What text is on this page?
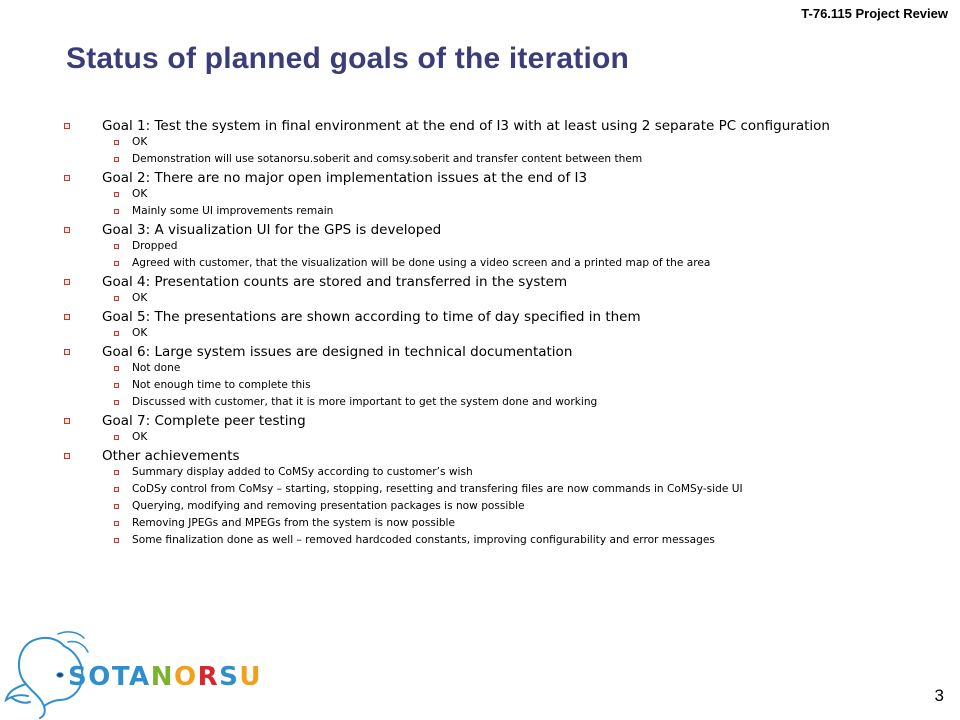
T-76.115 Project Review
Status of planned goals of the iteration
Goal 1: Test the system in final environment at the end of I3 with at least using 2 separate PC configuration
OK
Demonstration will use sotanorsu.soberit and comsy.soberit and transfer content between them
Goal 2: There are no major open implementation issues at the end of I3
OK
Mainly some UI improvements remain
Goal 3: A visualization UI for the GPS is developed
Dropped
Agreed with customer, that the visualization will be done using a video screen and a printed map of the area
Goal 4: Presentation counts are stored and transferred in the system
OK
Goal 5: The presentations are shown according to time of day specified in them
OK
Goal 6: Large system issues are designed in technical documentation
Not done
Not enough time to complete this
Discussed with customer, that it is more important to get the system done and working
Goal 7: Complete peer testing
OK
Other achievements
Summary display added to CoMSy according to customer’s wish
CoDSy control from CoMsy – starting, stopping, resetting and transfering files are now commands in CoMSy-side UI
Querying, modifying and removing presentation packages is now possible
Removing JPEGs and MPEGs from the system is now possible
Some finalization done as well – removed hardcoded constants, improving configurability and error messages
SOTANORSU
3
